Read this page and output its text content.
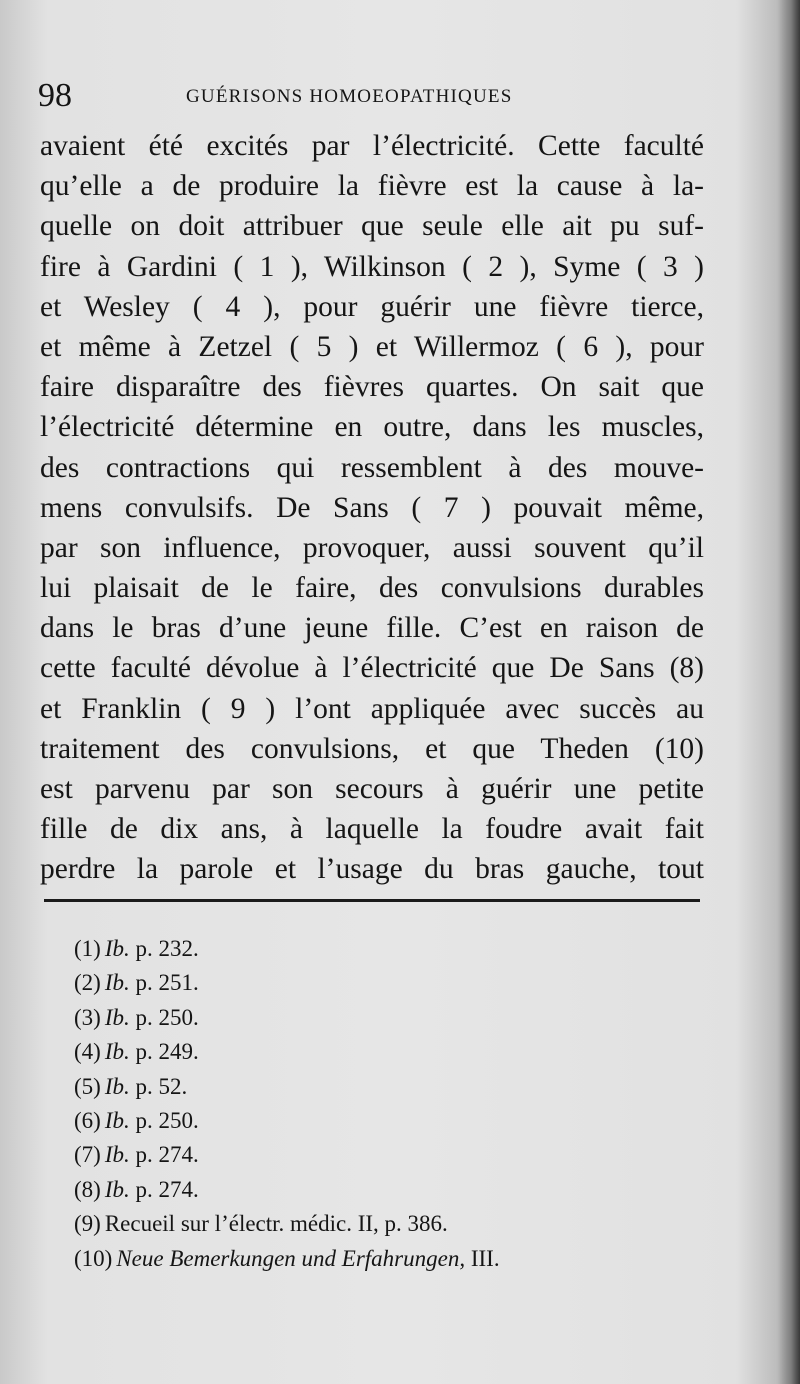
98	GUÉRISONS HOMOEOPATHIQUES
avaient été excités par l’électricité. Cette faculté
qu’elle a de produire la fièvre est la cause à la-
quelle on doit attribuer que seule elle ait pu suf-
fire à Gardini ( 1 ), Wilkinson ( 2 ), Syme ( 3 )
et Wesley ( 4 ), pour guérir une fièvre tierce,
et même à Zetzel ( 5 ) et Willermoz ( 6 ), pour
faire disparaître des fièvres quartes. On sait que
l’électricité détermine en outre, dans les muscles,
des contractions qui ressemblent à des mouve-
mens convulsifs. De Sans ( 7 ) pouvait même,
par son influence, provoquer, aussi souvent qu’il
lui plaisait de le faire, des convulsions durables
dans le bras d’une jeune fille. C’est en raison de
cette faculté dévolue à l’électricité que De Sans (8)
et Franklin ( 9 ) l’ont appliquée avec succès au
traitement des convulsions, et que Theden (10)
est parvenu par son secours à guérir une petite
fille de dix ans, à laquelle la foudre avait fait
perdre la parole et l’usage du bras gauche, tout
(1) Ib. p. 232.
(2) Ib. p. 251.
(3) Ib. p. 250.
(4) Ib. p. 249.
(5) Ib. p. 52.
(6) Ib. p. 250.
(7) Ib. p. 274.
(8) Ib. p. 274.
(9) Recueil sur l’électr. médic. II, p. 386.
(10) Neue Bemerkungen und Erfahrungen, III.
